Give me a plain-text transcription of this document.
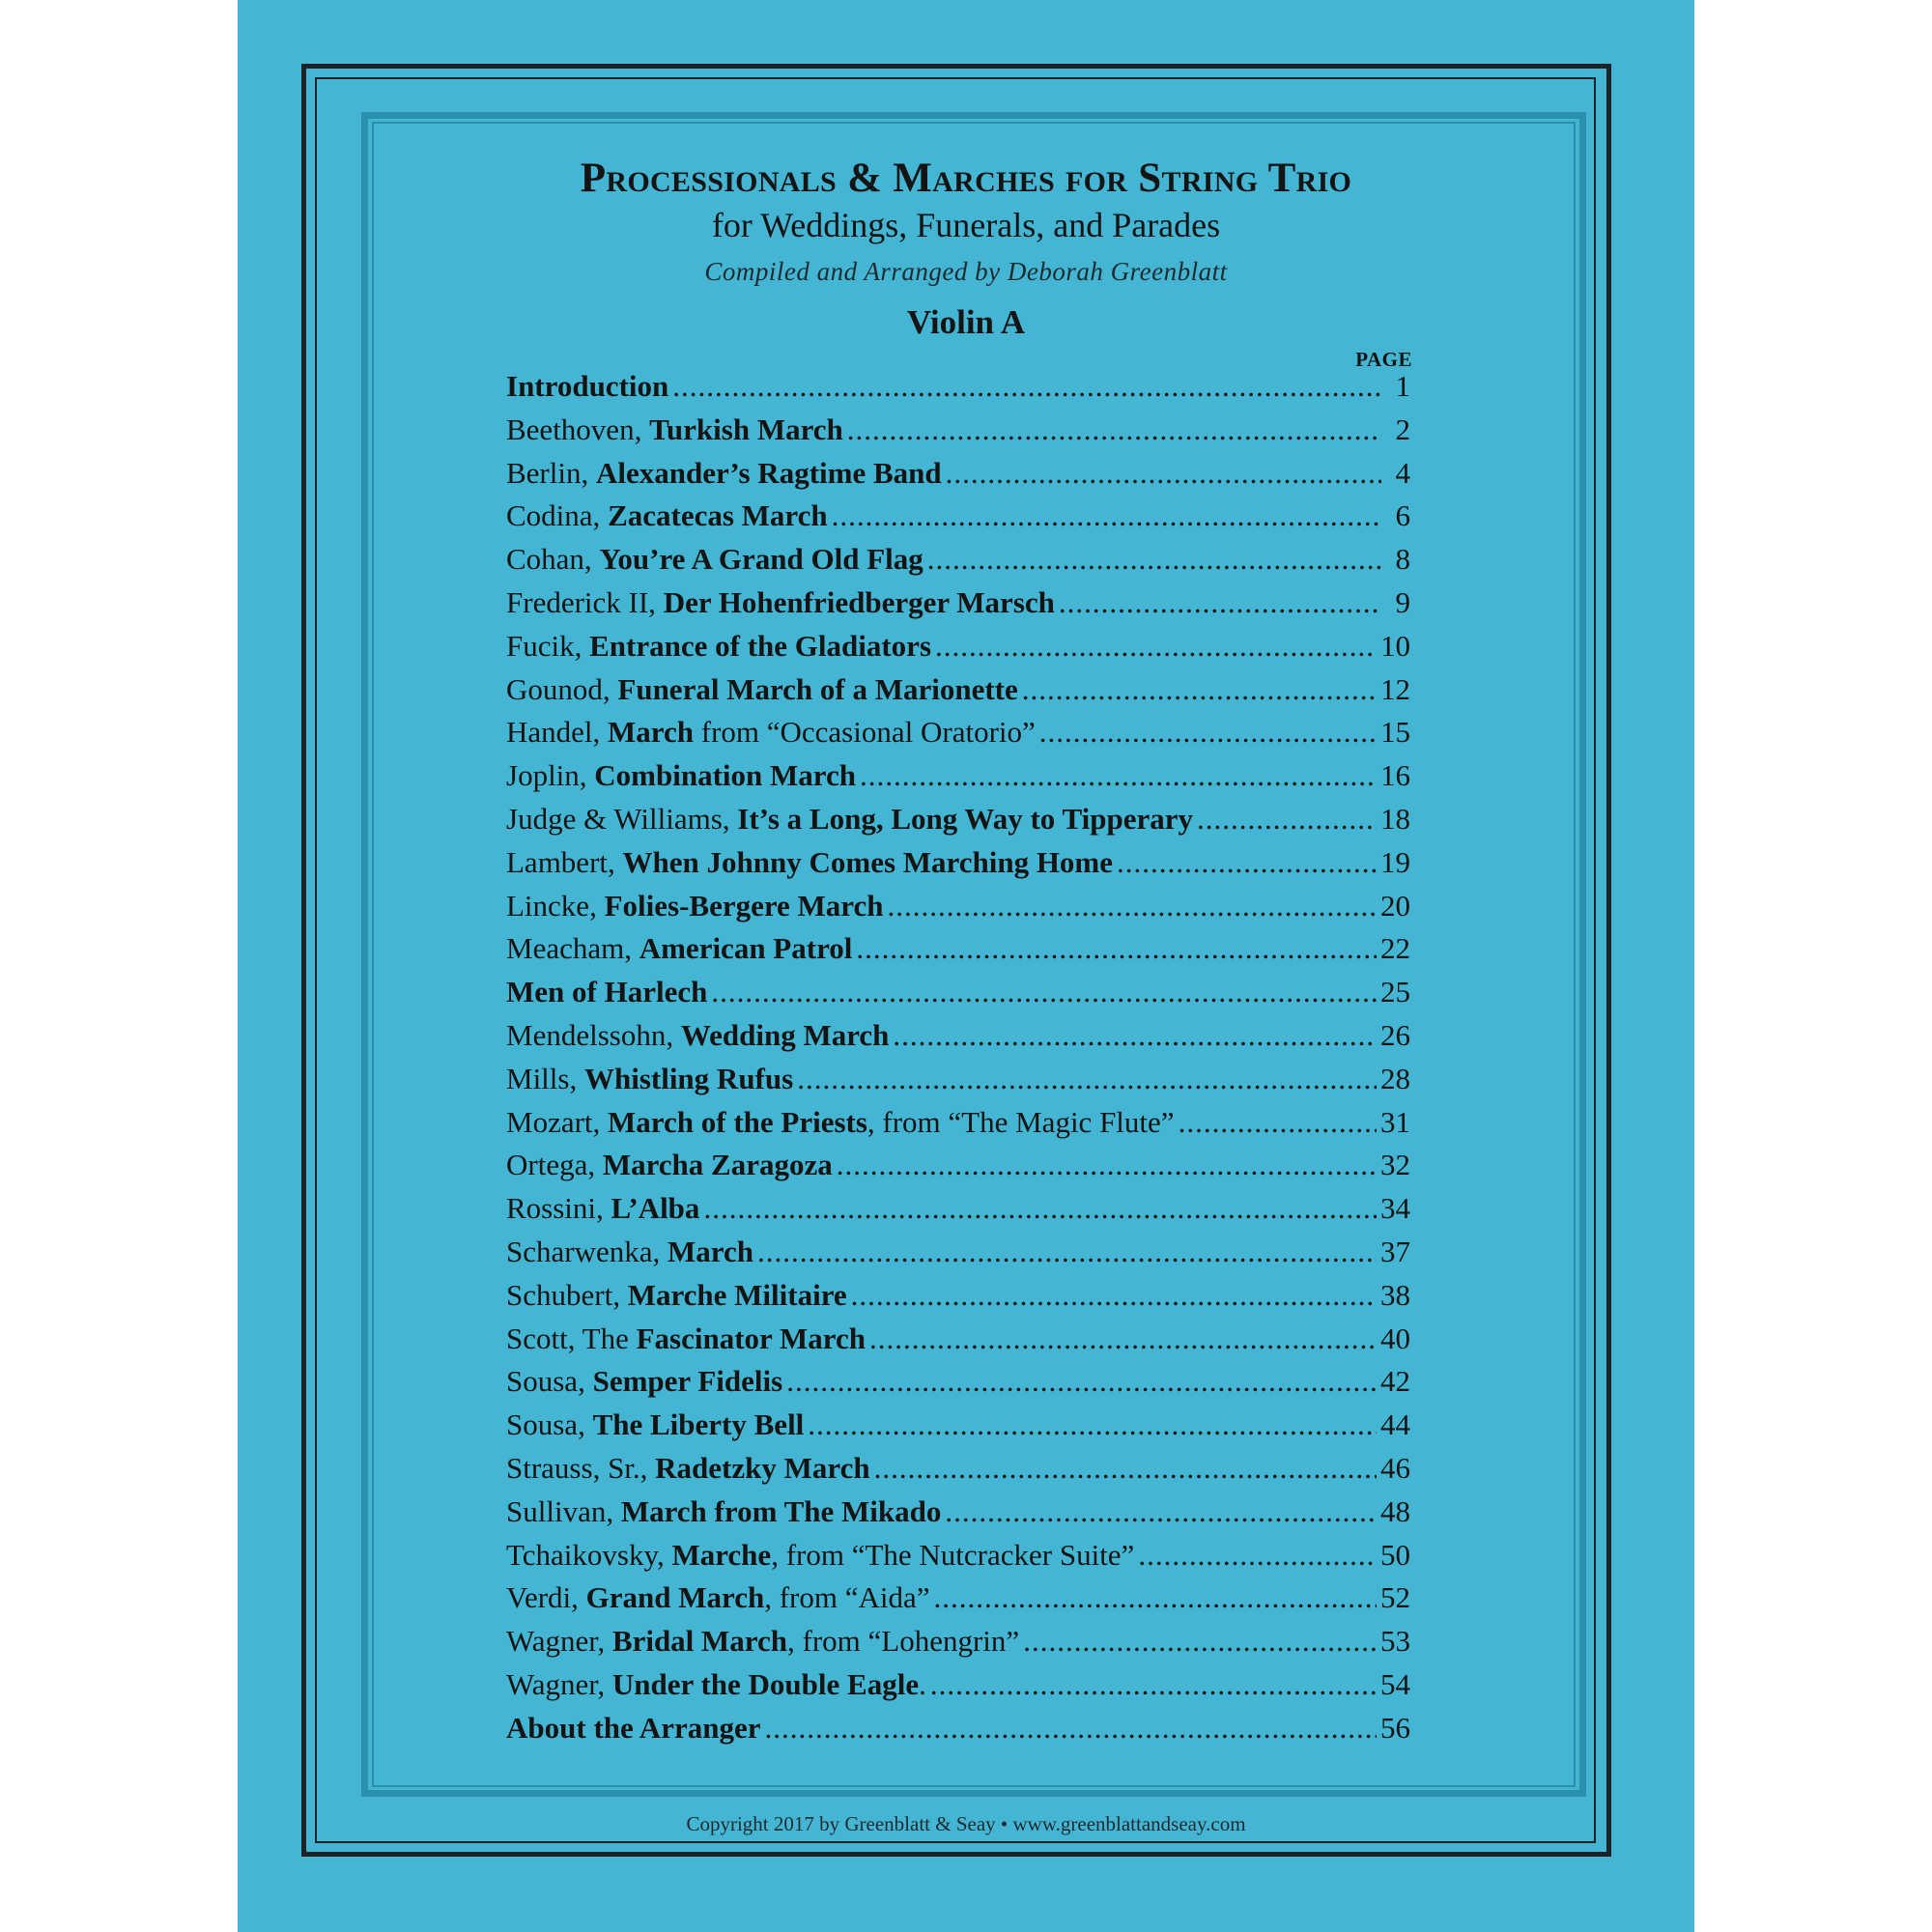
Processionals & Marches for String Trio
for Weddings, Funerals, and Parades
Compiled and Arranged by Deborah Greenblatt
Violin A
PAGE
Introduction .....	1
Beethoven, Turkish March .....	2
Berlin, Alexander’s Ragtime Band .....	4
Codina, Zacatecas March .....	6
Cohan, You’re A Grand Old Flag .....	8
Frederick II, Der Hohenfriedberger Marsch .....	9
Fucik, Entrance of the Gladiators .....	10
Gounod, Funeral March of a Marionette .....	12
Handel, March from “Occasional Oratorio” .....	15
Joplin, Combination March .....	16
Judge & Williams, It’s a Long, Long Way to Tipperary .....	18
Lambert, When Johnny Comes Marching Home .....	19
Lincke, Folies-Bergere March .....	20
Meacham, American Patrol .....	22
Men of Harlech .....	25
Mendelssohn, Wedding March .....	26
Mills, Whistling Rufus .....	28
Mozart, March of the Priests, from “The Magic Flute” .....	31
Ortega, Marcha Zaragoza .....	32
Rossini, L’Alba .....	34
Scharwenka, March .....	37
Schubert, Marche Militaire .....	38
Scott, The Fascinator March .....	40
Sousa, Semper Fidelis .....	42
Sousa, The Liberty Bell .....	44
Strauss, Sr., Radetzky March .....	46
Sullivan, March from The Mikado .....	48
Tchaikovsky, Marche, from “The Nutcracker Suite” .....	50
Verdi, Grand March, from “Aida” .....	52
Wagner, Bridal March, from “Lohengrin” .....	53
Wagner, Under the Double Eagle. .....	54
About the Arranger .....	56
Copyright 2017 by Greenblatt & Seay • www.greenblattandseay.com
